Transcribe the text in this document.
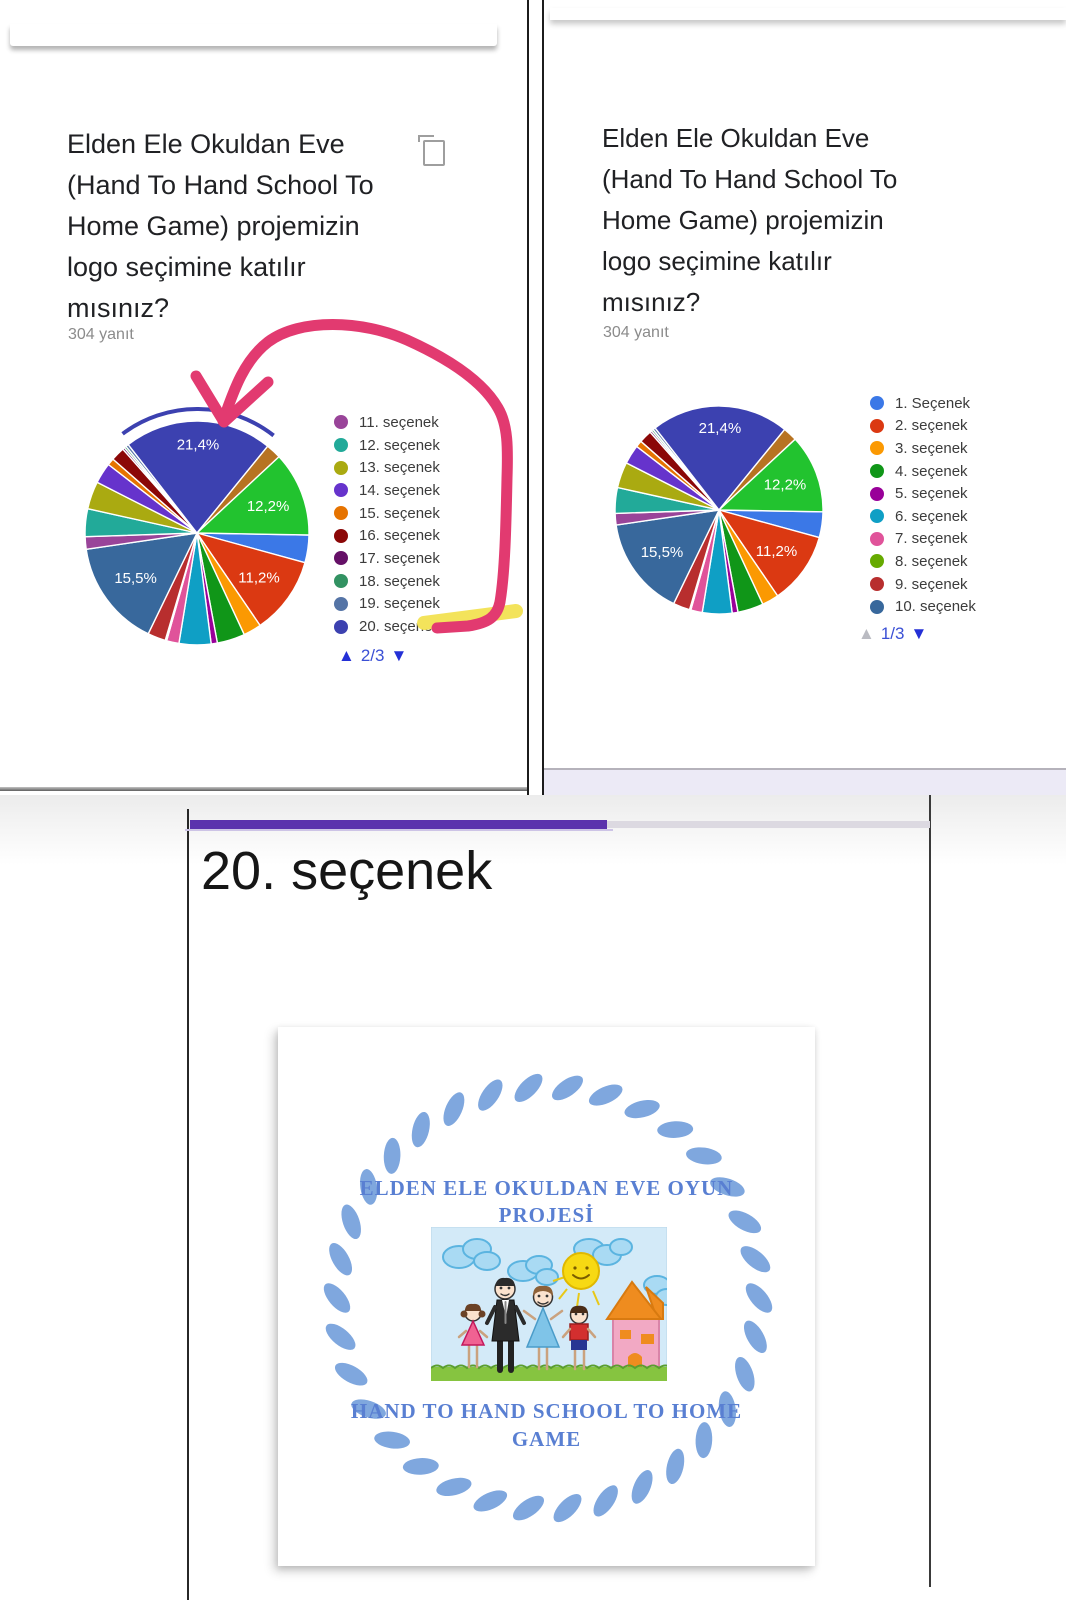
Elden Ele Okuldan Eve
(Hand To Hand School To
Home Game) projemizin
logo seçimine katılır
mısınız?
304 yanıt
11,2%
15,5%
21,4%
12,2%
11. seçenek
12. seçenek
13. seçenek
14. seçenek
15. seçenek
16. seçenek
17. seçenek
18. seçenek
19. seçenek
20. seçenek
▲ 2/3 ▼
Elden Ele Okuldan Eve
(Hand To Hand School To
Home Game) projemizin
logo seçimine katılır
mısınız?
304 yanıt
11,2%
15,5%
21,4%
12,2%
1. Seçenek
2. seçenek
3. seçenek
4. seçenek
5. seçenek
6. seçenek
7. seçenek
8. seçenek
9. seçenek
10. seçenek
▲ 1/3 ▼
20. seçenek
ELDEN ELE OKULDAN EVE OYUN
PROJESİ
HAND TO HAND SCHOOL TO HOME
GAME
